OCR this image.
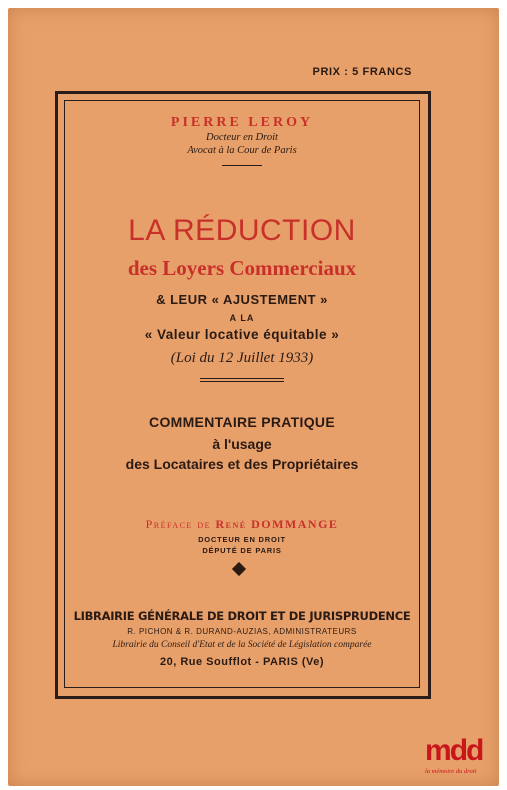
PRIX : 5 FRANCS
PIERRE LEROY
Docteur en Droit
Avocat à la Cour de Paris
LA RÉDUCTION
des Loyers Commerciaux
& LEUR « AJUSTEMENT »
A LA
« Valeur locative équitable »
(Loi du 12 Juillet 1933)
COMMENTAIRE PRATIQUE
à l'usage
des Locataires et des Propriétaires
Préface de René DOMMANGE
DOCTEUR EN DROIT
DÉPUTÉ DE PARIS
LIBRAIRIE GÉNÉRALE DE DROIT ET DE JURISPRUDENCE
R. PICHON & R. DURAND-AUZIAS, ADMINISTRATEURS
Librairie du Conseil d'Etat et de la Société de Législation comparée
20, Rue Soufflot - PARIS (Ve)
mdd
la mémoire du droit
